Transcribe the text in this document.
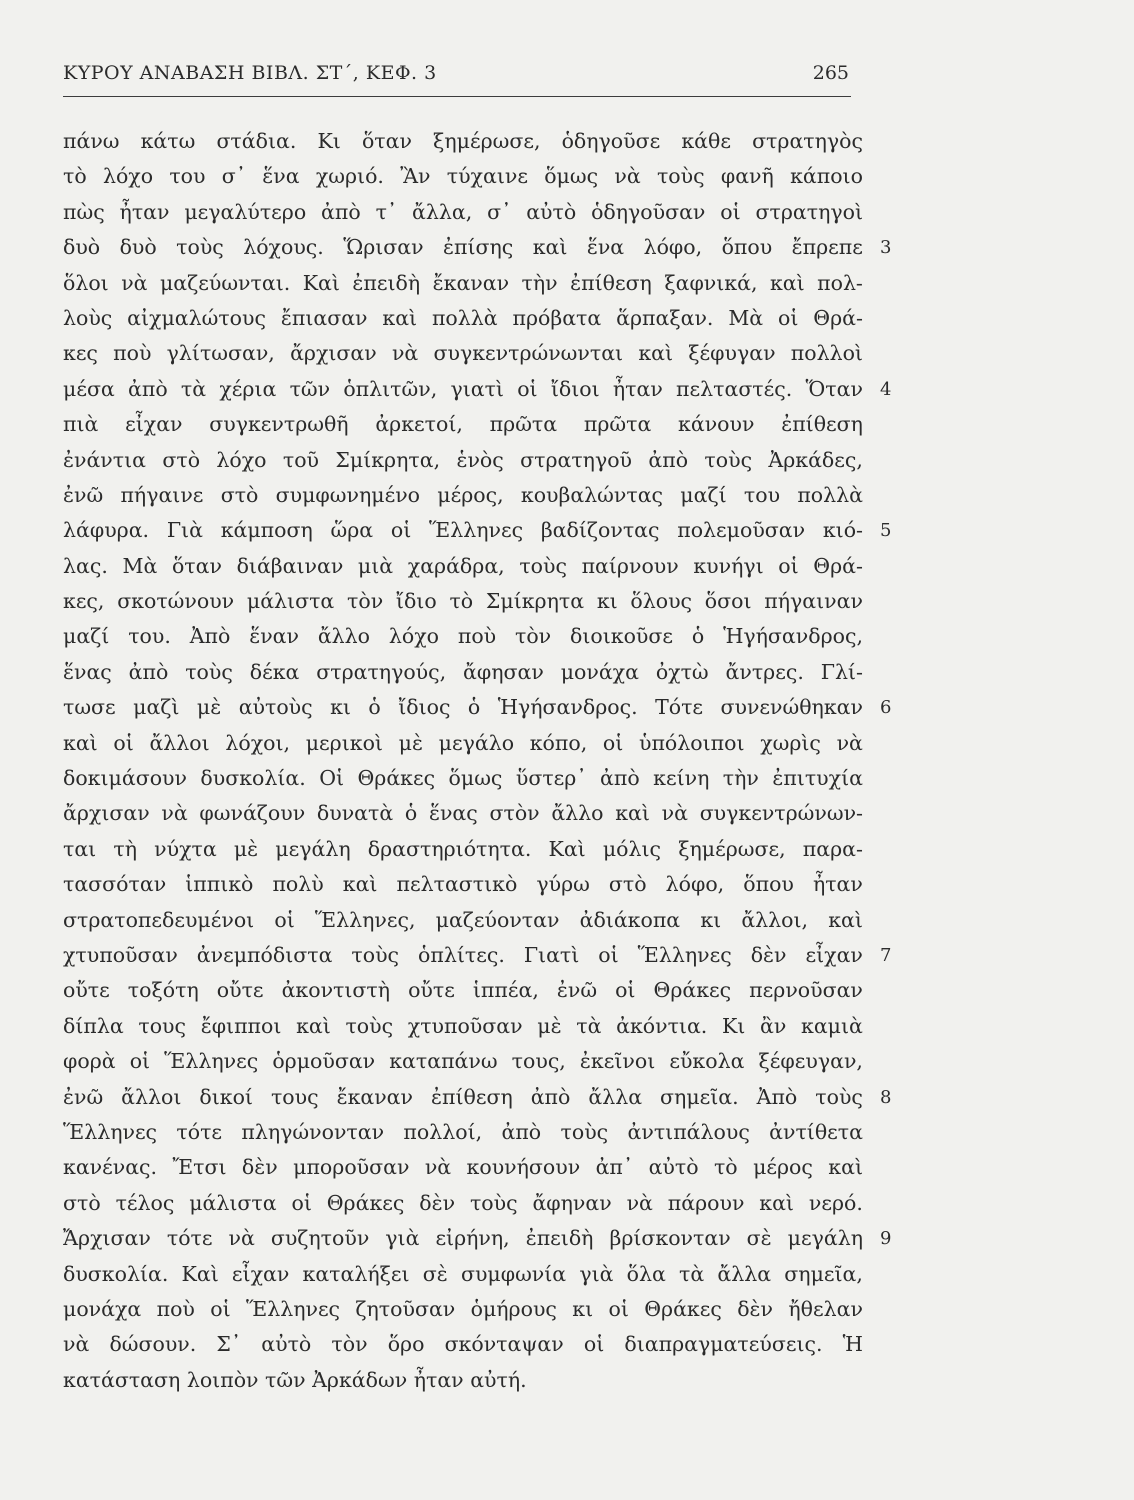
ΚΥΡΟΥ ΑΝΑΒΑΣΗ ΒΙΒΛ. ΣΤ΄, ΚΕΦ. 3	265
πάνω κάτω στάδια. Κι ὅταν ξημέρωσε, ὁδηγοῦσε κάθε στρατηγὸς
τὸ λόχο του σ᾽ ἕνα χωριό. Ἂν τύχαινε ὅμως νὰ τοὺς φανῆ κάποιο
πὼς ἦταν μεγαλύτερο ἀπὸ τ᾽ ἄλλα, σ᾽ αὐτὸ ὁδηγοῦσαν οἱ στρατηγοὶ
δυὸ δυὸ τοὺς λόχους. Ὥρισαν ἐπίσης καὶ ἕνα λόφο, ὅπου ἔπρεπε
ὅλοι νὰ μαζεύωνται. Καὶ ἐπειδὴ ἔκαναν τὴν ἐπίθεση ξαφνικά, καὶ πολ-
λοὺς αἰχμαλώτους ἔπιασαν καὶ πολλὰ πρόβατα ἅρπαξαν. Μὰ οἱ Θρά-
κες ποὺ γλίτωσαν, ἄρχισαν νὰ συγκεντρώνωνται καὶ ξέφυγαν πολλοὶ
μέσα ἀπὸ τὰ χέρια τῶν ὁπλιτῶν, γιατὶ οἱ ἴδιοι ἦταν πελταστές. Ὅταν
πιὰ εἶχαν συγκεντρωθῆ ἀρκετοί, πρῶτα πρῶτα κάνουν ἐπίθεση
ἐνάντια στὸ λόχο τοῦ Σμίκρητα, ἑνὸς στρατηγοῦ ἀπὸ τοὺς Ἀρκάδες,
ἐνῶ πήγαινε στὸ συμφωνημένο μέρος, κουβαλώντας μαζί του πολλὰ
λάφυρα. Γιὰ κάμποση ὥρα οἱ Ἕλληνες βαδίζοντας πολεμοῦσαν κιό-
λας. Μὰ ὅταν διάβαιναν μιὰ χαράδρα, τοὺς παίρνουν κυνήγι οἱ Θρά-
κες, σκοτώνουν μάλιστα τὸν ἴδιο τὸ Σμίκρητα κι ὅλους ὅσοι πήγαιναν
μαζί του. Ἀπὸ ἕναν ἄλλο λόχο ποὺ τὸν διοικοῦσε ὁ Ἡγήσανδρος,
ἕνας ἀπὸ τοὺς δέκα στρατηγούς, ἄφησαν μονάχα ὀχτὼ ἄντρες. Γλί-
τωσε μαζὶ μὲ αὐτοὺς κι ὁ ἴδιος ὁ Ἡγήσανδρος. Τότε συνενώθηκαν
καὶ οἱ ἄλλοι λόχοι, μερικοὶ μὲ μεγάλο κόπο, οἱ ὑπόλοιποι χωρὶς νὰ
δοκιμάσουν δυσκολία. Οἱ Θράκες ὅμως ὕστερ᾽ ἀπὸ κείνη τὴν ἐπιτυχία
ἄρχισαν νὰ φωνάζουν δυνατὰ ὁ ἕνας στὸν ἄλλο καὶ νὰ συγκεντρώνων-
ται τὴ νύχτα μὲ μεγάλη δραστηριότητα. Καὶ μόλις ξημέρωσε, παρα-
τασσόταν ἱππικὸ πολὺ καὶ πελταστικὸ γύρω στὸ λόφο, ὅπου ἦταν
στρατοπεδευμένοι οἱ Ἕλληνες, μαζεύονταν ἀδιάκοπα κι ἄλλοι, καὶ
χτυποῦσαν ἀνεμπόδιστα τοὺς ὁπλίτες. Γιατὶ οἱ Ἕλληνες δὲν εἶχαν
οὔτε τοξότη οὔτε ἀκοντιστὴ οὔτε ἱππέα, ἐνῶ οἱ Θράκες περνοῦσαν
δίπλα τους ἔφιπποι καὶ τοὺς χτυποῦσαν μὲ τὰ ἀκόντια. Κι ἂν καμιὰ
φορὰ οἱ Ἕλληνες ὁρμοῦσαν καταπάνω τους, ἐκεῖνοι εὔκολα ξέφευγαν,
ἐνῶ ἄλλοι δικοί τους ἔκαναν ἐπίθεση ἀπὸ ἄλλα σημεῖα. Ἀπὸ τοὺς
Ἕλληνες τότε πληγώνονταν πολλοί, ἀπὸ τοὺς ἀντιπάλους ἀντίθετα
κανένας. Ἔτσι δὲν μποροῦσαν νὰ κουνήσουν ἀπ᾽ αὐτὸ τὸ μέρος καὶ
στὸ τέλος μάλιστα οἱ Θράκες δὲν τοὺς ἄφηναν νὰ πάρουν καὶ νερό.
Ἄρχισαν τότε νὰ συζητοῦν γιὰ εἰρήνη, ἐπειδὴ βρίσκονταν σὲ μεγάλη
δυσκολία. Καὶ εἶχαν καταλήξει σὲ συμφωνία γιὰ ὅλα τὰ ἄλλα σημεῖα,
μονάχα ποὺ οἱ Ἕλληνες ζητοῦσαν ὁμήρους κι οἱ Θράκες δὲν ἤθελαν
νὰ δώσουν. Σ᾽ αὐτὸ τὸν ὅρο σκόνταψαν οἱ διαπραγματεύσεις. Ἡ
κατάσταση λοιπὸν τῶν Ἀρκάδων ἦταν αὐτή.
3
4
5
6
7
8
9
